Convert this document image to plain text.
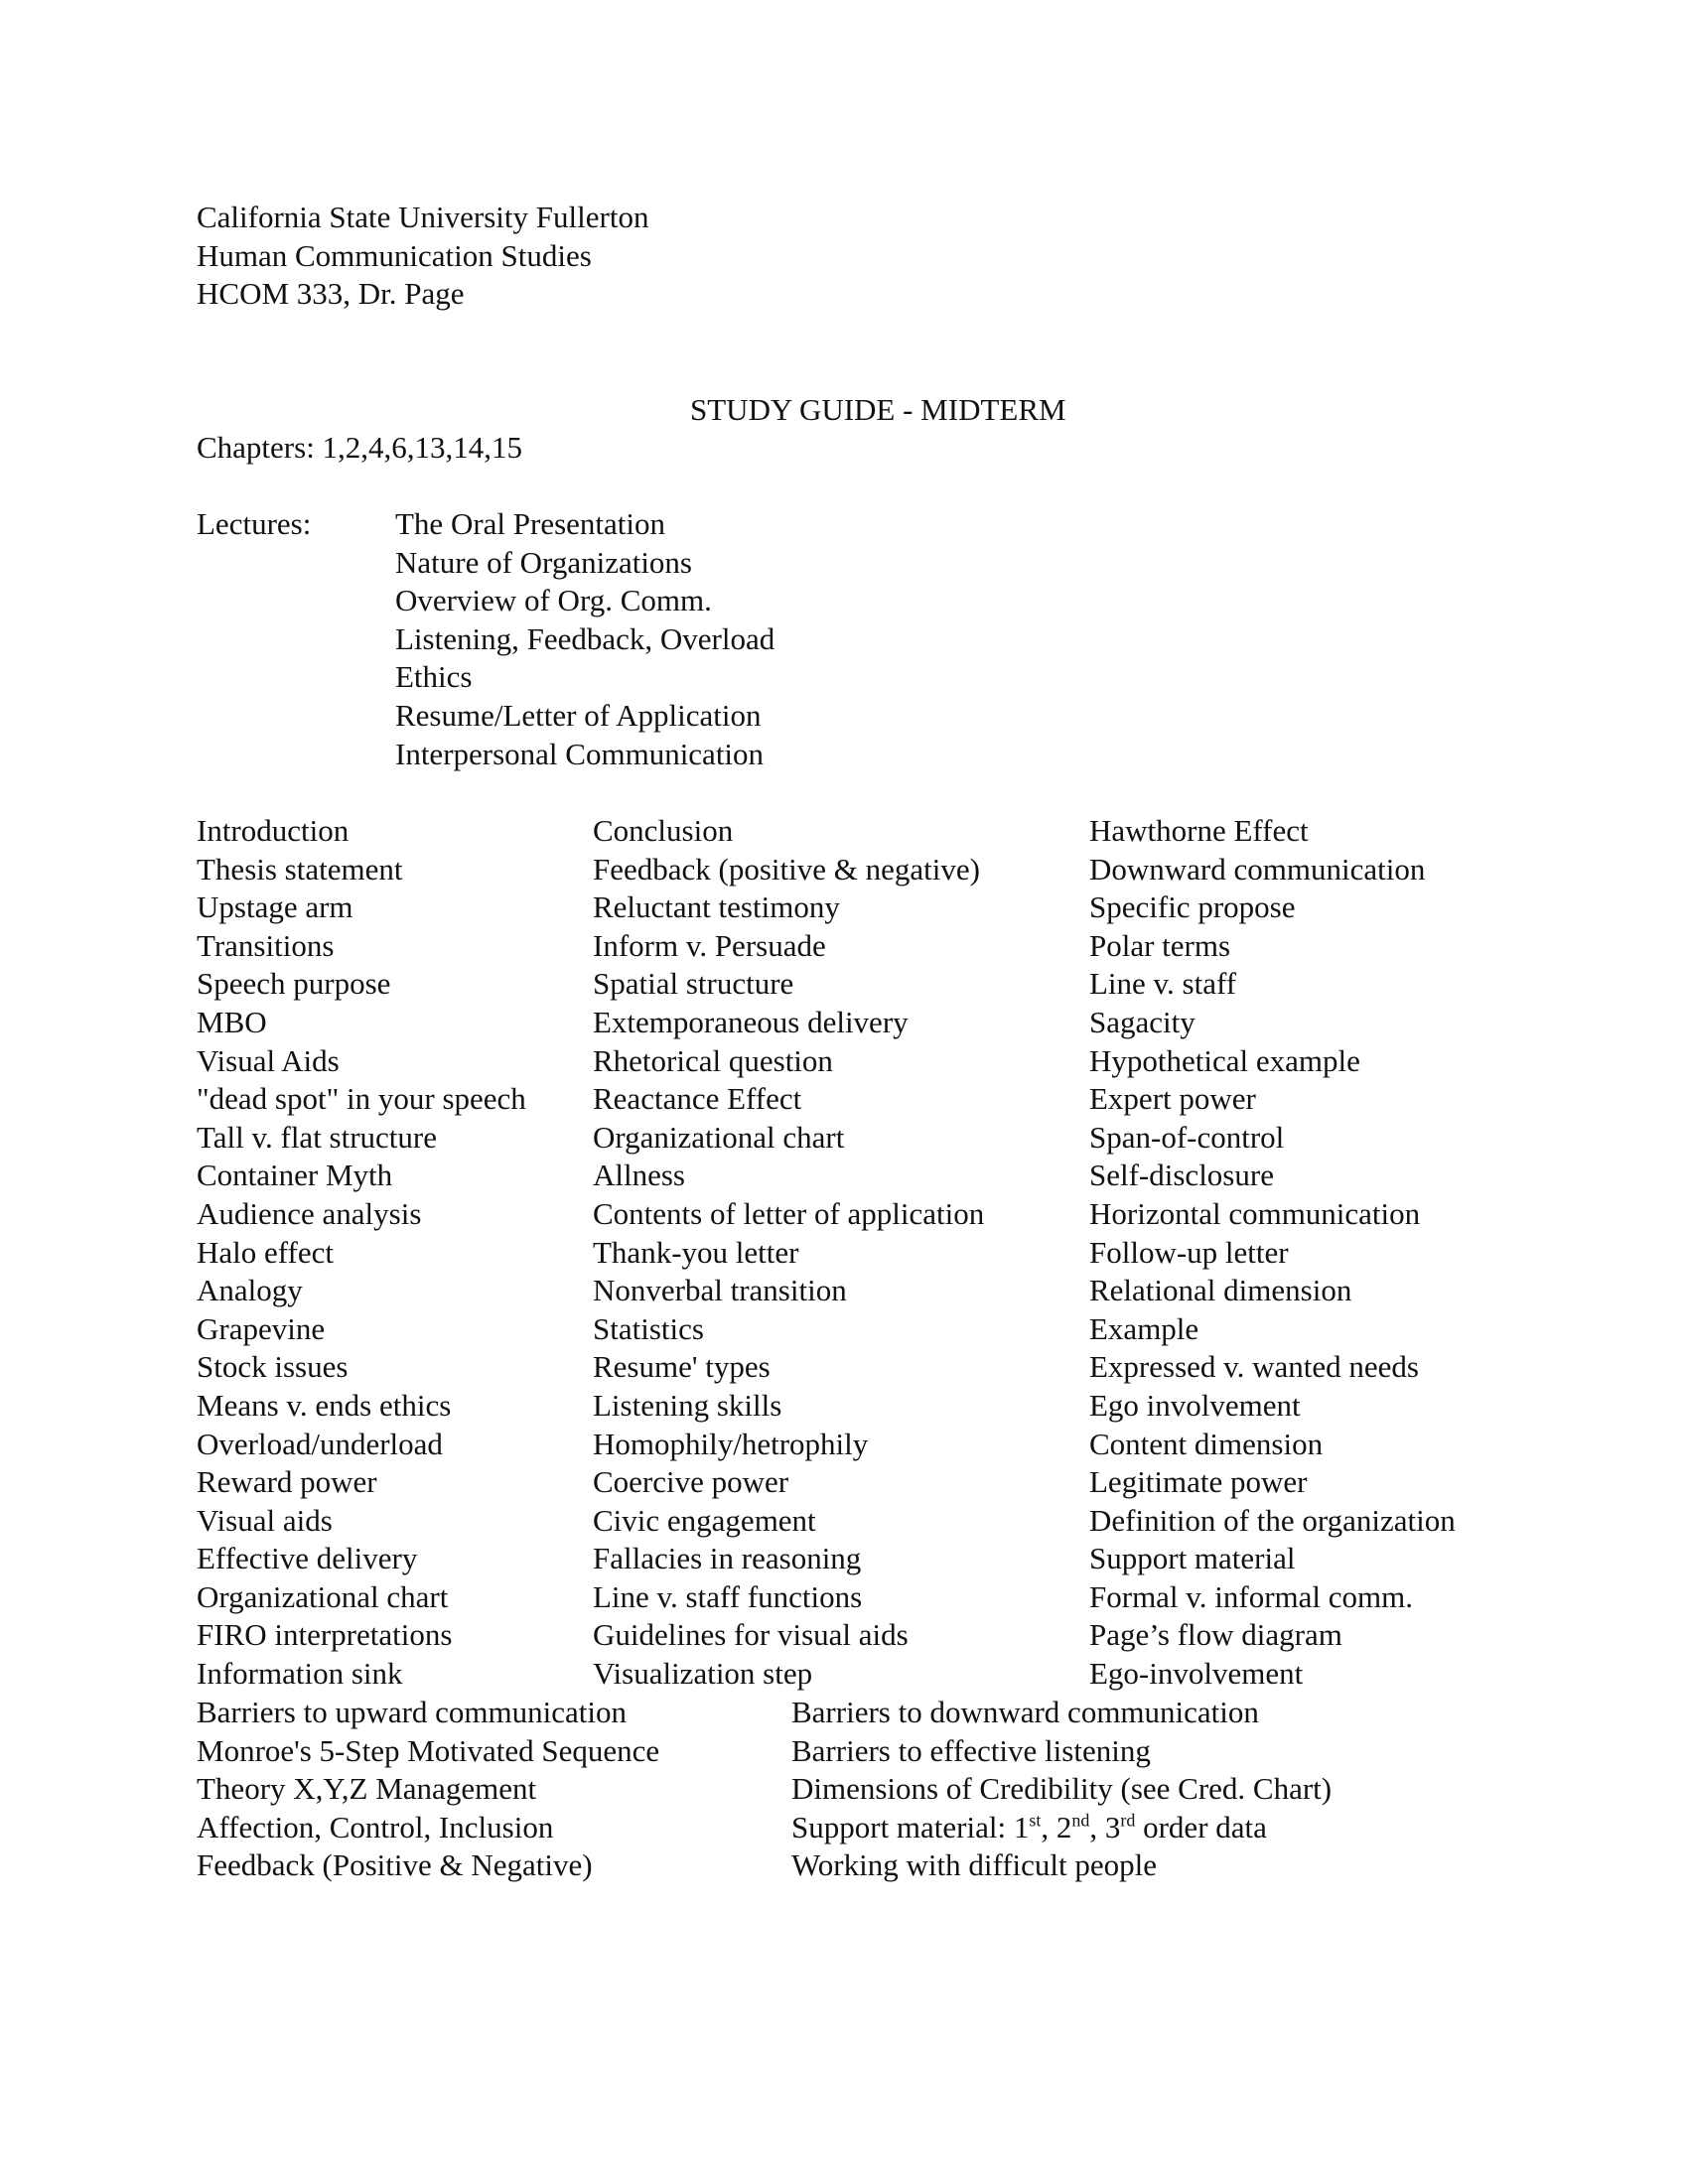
California State University Fullerton
Human Communication Studies
HCOM 333, Dr. Page
STUDY GUIDE - MIDTERM
Chapters: 1,2,4,6,13,14,15
Lectures:	The Oral Presentation
Nature of Organizations
Overview of Org. Comm.
Listening, Feedback, Overload
Ethics
Resume/Letter of Application
Interpersonal Communication
Introduction
Thesis statement
Upstage arm
Transitions
Speech purpose
MBO
Visual Aids
"dead spot" in your speech
Tall v. flat structure
Container Myth
Audience analysis
Halo effect
Analogy
Grapevine
Stock issues
Means v. ends ethics
Overload/underload
Reward power
Visual aids
Effective delivery
Organizational chart
FIRO interpretations
Information sink
Conclusion
Feedback (positive & negative)
Reluctant testimony
Inform v. Persuade
Spatial structure
Extemporaneous delivery
Rhetorical question
Reactance Effect
Organizational chart
Allness
Contents of letter of application
Thank-you letter
Nonverbal transition
Statistics
Resume' types
Listening skills
Homophily/hetrophily
Coercive power
Civic engagement
Fallacies in reasoning
Line v. staff functions
Guidelines for visual aids
Visualization step
Hawthorne Effect
Downward communication
Specific propose
Polar terms
Line v. staff
Sagacity
Hypothetical example
Expert power
Span-of-control
Self-disclosure
Horizontal communication
Follow-up letter
Relational dimension
Example
Expressed v. wanted needs
Ego involvement
Content dimension
Legitimate power
Definition of the organization
Support material
Formal v. informal comm.
Page’s flow diagram
Ego-involvement
Barriers to upward communication
Monroe's 5-Step Motivated Sequence
Theory X,Y,Z Management
Affection, Control, Inclusion
Feedback (Positive & Negative)
Barriers to downward communication
Barriers to effective listening
Dimensions of Credibility (see Cred. Chart)
Support material: 1st, 2nd, 3rd order data
Working with difficult people
